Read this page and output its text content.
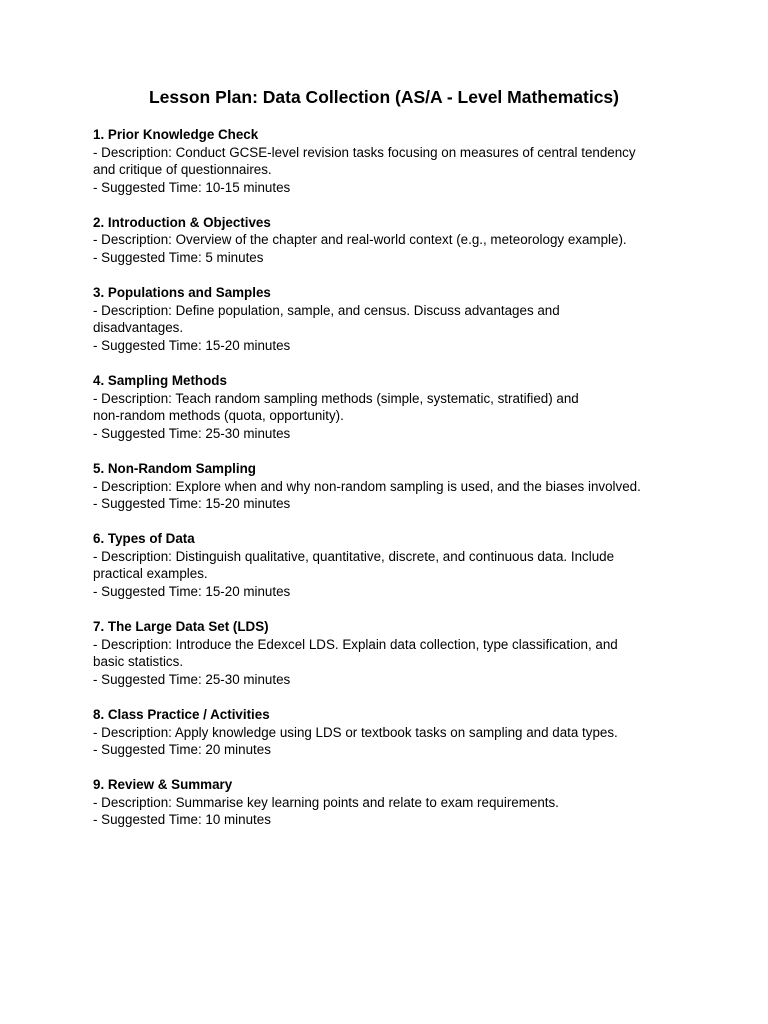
Lesson Plan: Data Collection (AS/A - Level Mathematics)

1. Prior Knowledge Check

- Description: Conduct GCSE-level revision tasks focusing on measures of central tendency

and critique of questionnaires.

- Suggested Time: 10-15 minutes

2. Introduction & Objectives

- Description: Overview of the chapter and real-world context (e.g., meteorology example).

- Suggested Time: 5 minutes

3. Populations and Samples

- Description: Define population, sample, and census. Discuss advantages and

disadvantages.

- Suggested Time: 15-20 minutes

4. Sampling Methods

- Description: Teach random sampling methods (simple, systematic, stratified) and

non-random methods (quota, opportunity).

- Suggested Time: 25-30 minutes

5. Non-Random Sampling

- Description: Explore when and why non-random sampling is used, and the biases involved.

- Suggested Time: 15-20 minutes

6. Types of Data

- Description: Distinguish qualitative, quantitative, discrete, and continuous data. Include

practical examples.

- Suggested Time: 15-20 minutes

7. The Large Data Set (LDS)

- Description: Introduce the Edexcel LDS. Explain data collection, type classification, and

basic statistics.

- Suggested Time: 25-30 minutes

8. Class Practice / Activities

- Description: Apply knowledge using LDS or textbook tasks on sampling and data types.

- Suggested Time: 20 minutes

9. Review & Summary

- Description: Summarise key learning points and relate to exam requirements.

- Suggested Time: 10 minutes
